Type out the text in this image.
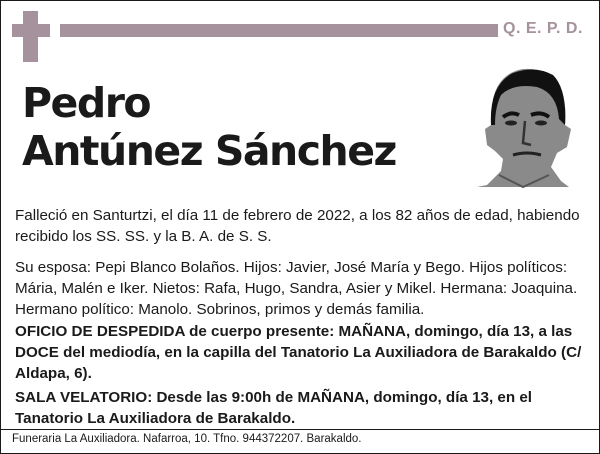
Q. E. P. D.
Pedro
Antúnez Sánchez

Falleció en Santurtzi, el día 11 de febrero de 2022, a los 82 años de edad, habiendo recibido los SS. SS. y la B. A. de S. S.

Su esposa: Pepi Blanco Bolaños. Hijos: Javier, José María y Bego. Hijos políticos: Mária, Malén e Iker. Nietos: Rafa, Hugo, Sandra, Asier y Mikel. Hermana: Joaquina. Hermano político: Manolo. Sobrinos, primos y demás familia.

OFICIO DE DESPEDIDA de cuerpo presente: MAÑANA, domingo, día 13, a las DOCE del mediodía, en la capilla del Tanatorio La Auxiliadora de Barakaldo (C/ Aldapa, 6).

SALA VELATORIO: Desde las 9:00h de MAÑANA, domingo, día 13, en el Tanatorio La Auxiliadora de Barakaldo.

Funeraria La Auxiliadora. Nafarroa, 10. Tfno. 944372207. Barakaldo.
